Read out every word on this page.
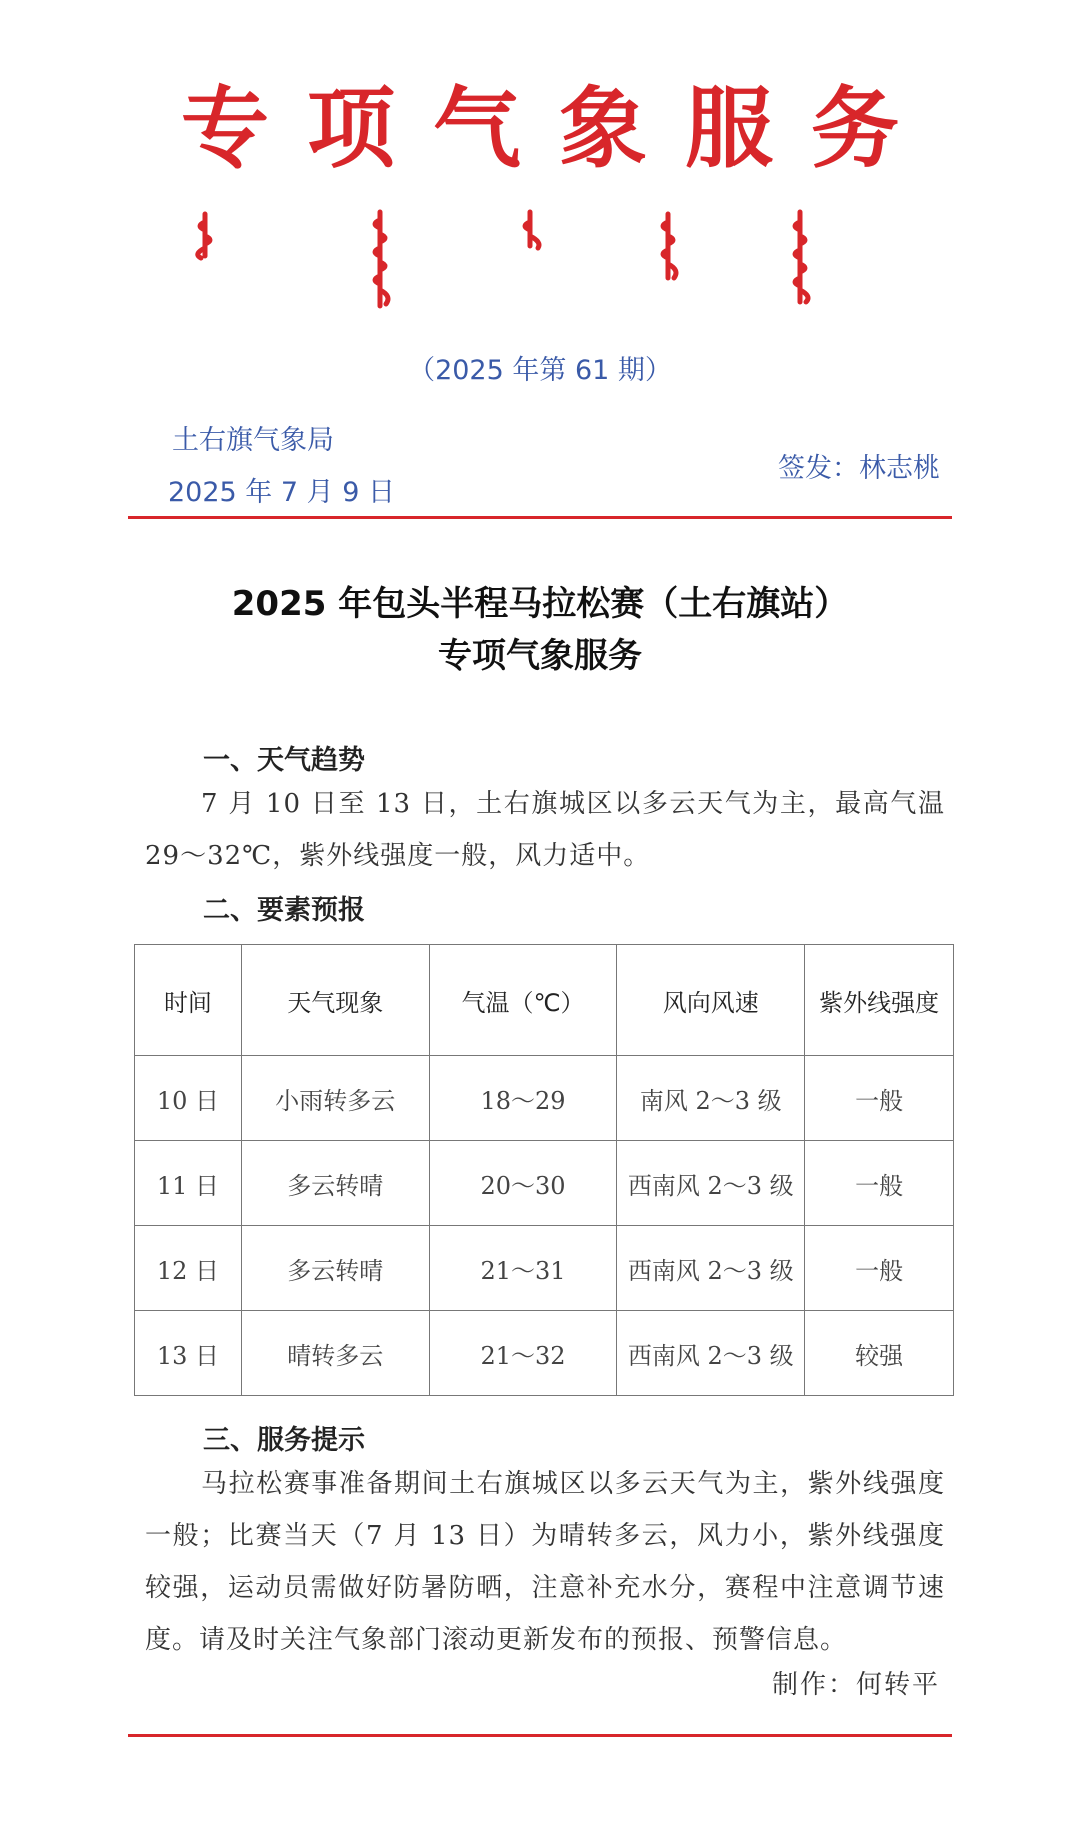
专项气象服务
（2025 年第 61 期）
土右旗气象局
2025 年 7 月 9 日
签发：林志桃
2025 年包头半程马拉松赛（土右旗站）
专项气象服务
一、天气趋势
7 月 10 日至 13 日，土右旗城区以多云天气为主，最高气温 29～32℃，紫外线强度一般，风力适中。
二、要素预报
时间	天气现象	气温（℃）	风向风速	紫外线强度
10 日	小雨转多云	18～29	南风 2～3 级	一般
11 日	多云转晴	20～30	西南风 2～3 级	一般
12 日	多云转晴	21～31	西南风 2～3 级	一般
13 日	晴转多云	21～32	西南风 2～3 级	较强
三、服务提示
马拉松赛事准备期间土右旗城区以多云天气为主，紫外线强度一般；比赛当天（7 月 13 日）为晴转多云，风力小，紫外线强度较强，运动员需做好防暑防晒，注意补充水分，赛程中注意调节速度。请及时关注气象部门滚动更新发布的预报、预警信息。
制作：何转平
